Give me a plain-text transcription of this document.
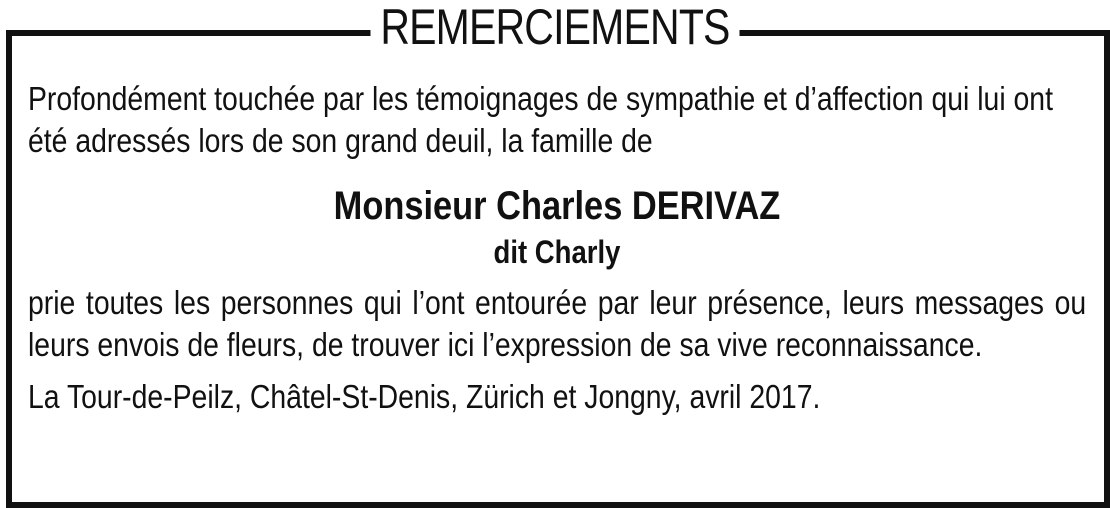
REMERCIEMENTS

Profondément touchée par les témoignages de sympathie et d’affection qui lui ont été adressés lors de son grand deuil, la famille de

Monsieur Charles DERIVAZ
dit Charly

prie toutes les personnes qui l’ont entourée par leur présence, leurs messages ou leurs envois de fleurs, de trouver ici l’expression de sa vive reconnaissance.

La Tour-de-Peilz, Châtel-St-Denis, Zürich et Jongny, avril 2017.
